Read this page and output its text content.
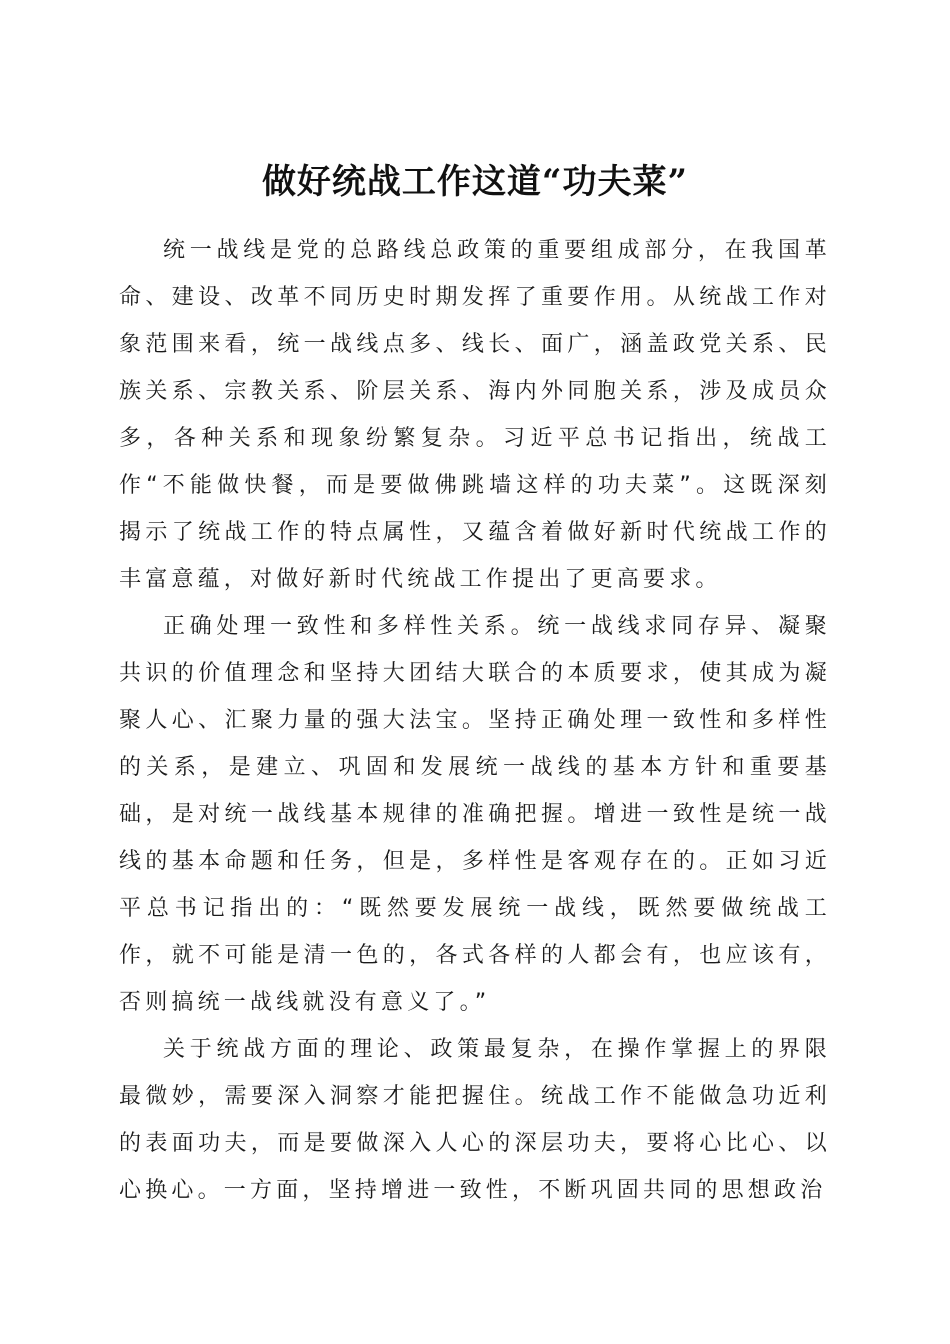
做好统战工作这道“功夫菜”

统一战线是党的总路线总政策的重要组成部分，在我国革命、建设、改革不同历史时期发挥了重要作用。从统战工作对象范围来看，统一战线点多、线长、面广，涵盖政党关系、民族关系、宗教关系、阶层关系、海内外同胞关系，涉及成员众多，各种关系和现象纷繁复杂。习近平总书记指出，统战工作“不能做快餐，而是要做佛跳墙这样的功夫菜”。这既深刻揭示了统战工作的特点属性，又蕴含着做好新时代统战工作的丰富意蕴，对做好新时代统战工作提出了更高要求。

正确处理一致性和多样性关系。统一战线求同存异、凝聚共识的价值理念和坚持大团结大联合的本质要求，使其成为凝聚人心、汇聚力量的强大法宝。坚持正确处理一致性和多样性的关系，是建立、巩固和发展统一战线的基本方针和重要基础，是对统一战线基本规律的准确把握。增进一致性是统一战线的基本命题和任务，但是，多样性是客观存在的。正如习近平总书记指出的：“既然要发展统一战线，既然要做统战工作，就不可能是清一色的，各式各样的人都会有，也应该有，否则搞统一战线就没有意义了。”

关于统战方面的理论、政策最复杂，在操作掌握上的界限最微妙，需要深入洞察才能把握住。统战工作不能做急功近利的表面功夫，而是要做深入人心的深层功夫，要将心比心、以心换心。一方面，坚持增进一致性，不断巩固共同的思想政治
